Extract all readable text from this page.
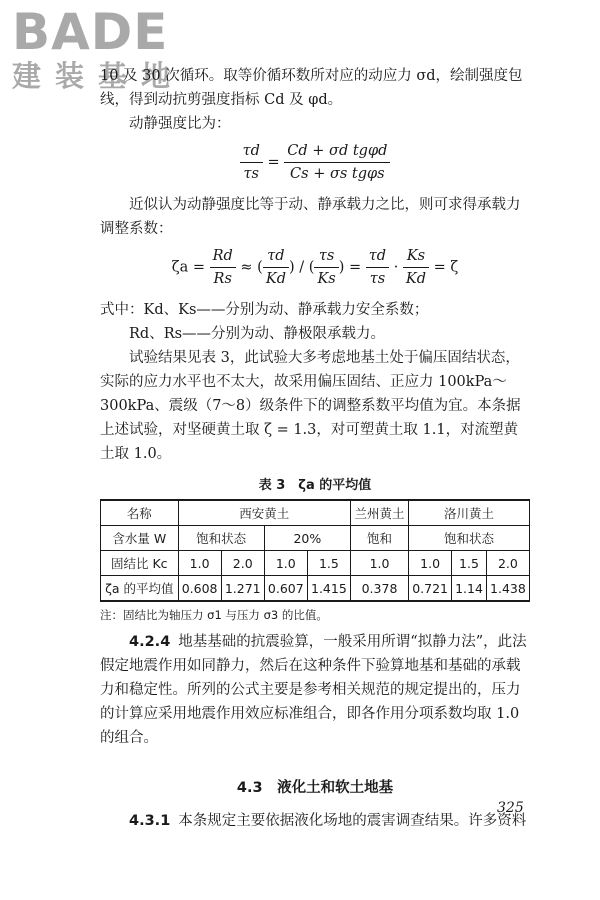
BADE
建装基地

10 及 30 次循环。取等价循环数所对应的动应力 σd，绘制强度包线，得到动抗剪强度指标 Cd 及 φd。

动静强度比为：

$\frac{\tau d}{\tau s} = \frac{\text{Cd + σd tgφd}}{\text{Cs + σs tgφs}}$

近似认为动静强度比等于动、静承载力之比，则可求得承载力调整系数：

$\zeta a = \frac{Rd}{Rs}$ ≈ ( $\frac{\tau d}{Kd}$ ) / ( $\frac{\tau s}{Ks}$ ) = $\frac{\tau d}{\tau s} \cdot \frac{Ks}{Kd} = \zeta$

式中：Kd、Ks——分别为动、静承载力安全系数；

Rd、Rs——分别为动、静极限承载力。

试验结果见表 3，此试验大多考虑地基土处于偏压固结状态，实际的应力水平也不太大，故采用偏压固结、正应力 100kPa～300kPa、震级（7～8）级条件下的调整系数平均值为宜。本条据上述试验，对坚硬黄土取 ζ = 1.3，对可塑黄土取 1.1，对流塑黄土取 1.0。

表 3　ζa 的平均值
名称	西安黄土				兰州黄土	洛川黄土		
含水量 W	饱和状态		20%		饱和	饱和状态		
固结比 Kc	1.0	2.0	1.0	1.5	1.0	1.0	1.5	2.0
ζa 的平均值	0.608	1.271	0.607	1.415	0.378	0.721	1.14	1.438
注：固结比为轴压力 σ1 与压力 σ3 的比值。

4.2.4 地基基础的抗震验算，一般采用所谓“拟静力法”，此法假定地震作用如同静力，然后在这种条件下验算地基和基础的承载力和稳定性。所列的公式主要是参考相关规范的规定提出的，压力的计算应采用地震作用效应标准组合，即各作用分项系数均取 1.0 的组合。

4.3　液化土和软土地基

4.3.1 本条规定主要依据液化场地的震害调查结果。许多资料

325
